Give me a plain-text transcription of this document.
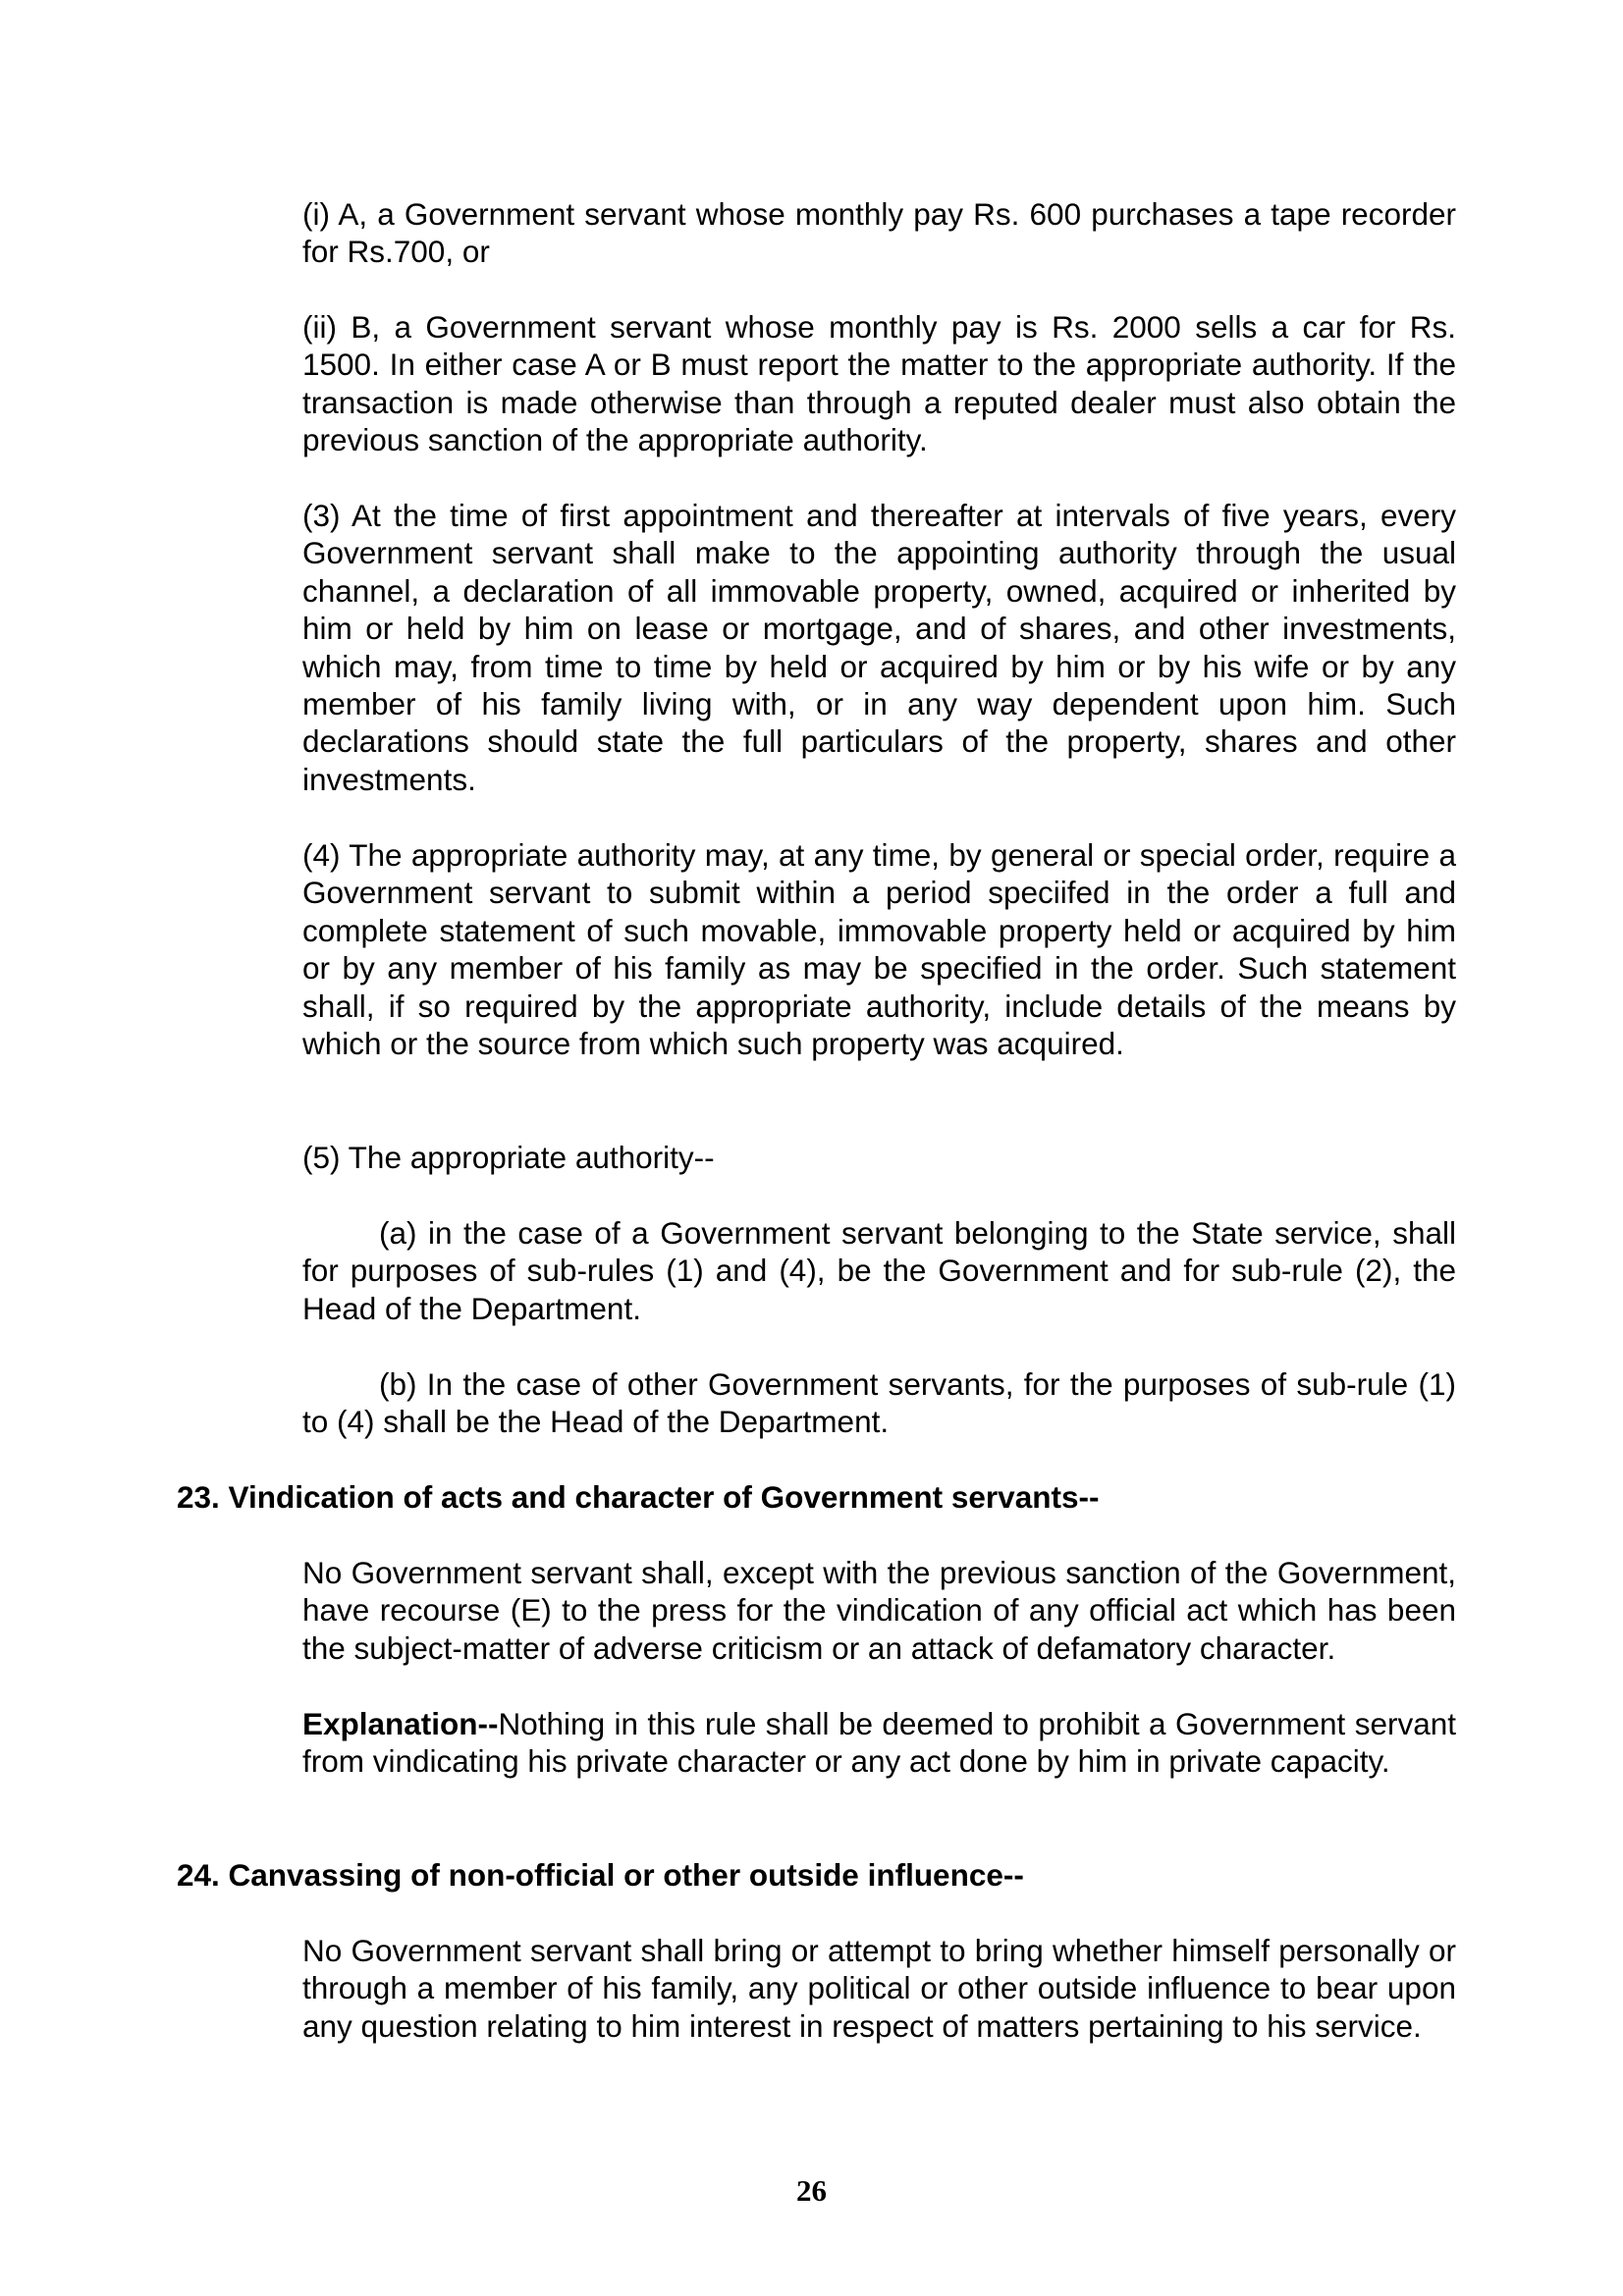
(i) A, a Government servant whose monthly pay Rs. 600 purchases a tape recorder for Rs.700, or

(ii) B, a Government servant whose monthly pay is Rs. 2000 sells a car for Rs. 1500. In either case A or B must report the matter to the appropriate authority. If the transaction is made otherwise than through a reputed dealer must also obtain the previous sanction of the appropriate authority.

(3) At the time of first appointment and thereafter at intervals of five years, every Government servant shall make to the appointing authority through the usual channel, a declaration of all immovable property, owned, acquired or inherited by him or held by him on lease or mortgage, and of shares, and other investments, which may, from time to time by held or acquired by him or by his wife or by any member of his family living with, or in any way dependent upon him. Such declarations should state the full particulars of the property, shares and other investments.

(4) The appropriate authority may, at any time, by general or special order, require a Government servant to submit within a period speciifed in the order a full and complete statement of such movable, immovable property held or acquired by him or by any member of his family as may be specified in the order. Such statement shall, if so required by the appropriate authority, include details of the means by which or the source from which such property was acquired.

(5) The appropriate authority--

(a) in the case of a Government servant belonging to the State service, shall for purposes of sub-rules (1) and (4), be the Government and for sub-rule (2), the Head of the Department.

(b) In the case of other Government servants, for the purposes of sub-rule (1) to (4) shall be the Head of the Department.

23. Vindication of acts and character of Government servants--

No Government servant shall, except with the previous sanction of the Government, have recourse (E) to the press for the vindication of any official act which has been the subject-matter of adverse criticism or an attack of defamatory character.

Explanation--Nothing in this rule shall be deemed to prohibit a Government servant from vindicating his private character or any act done by him in private capacity.

24. Canvassing of non-official or other outside influence--

No Government servant shall bring or attempt to bring whether himself personally or through a member of his family, any political or other outside influence to bear upon any question relating to him interest in respect of matters pertaining to his service.

26
